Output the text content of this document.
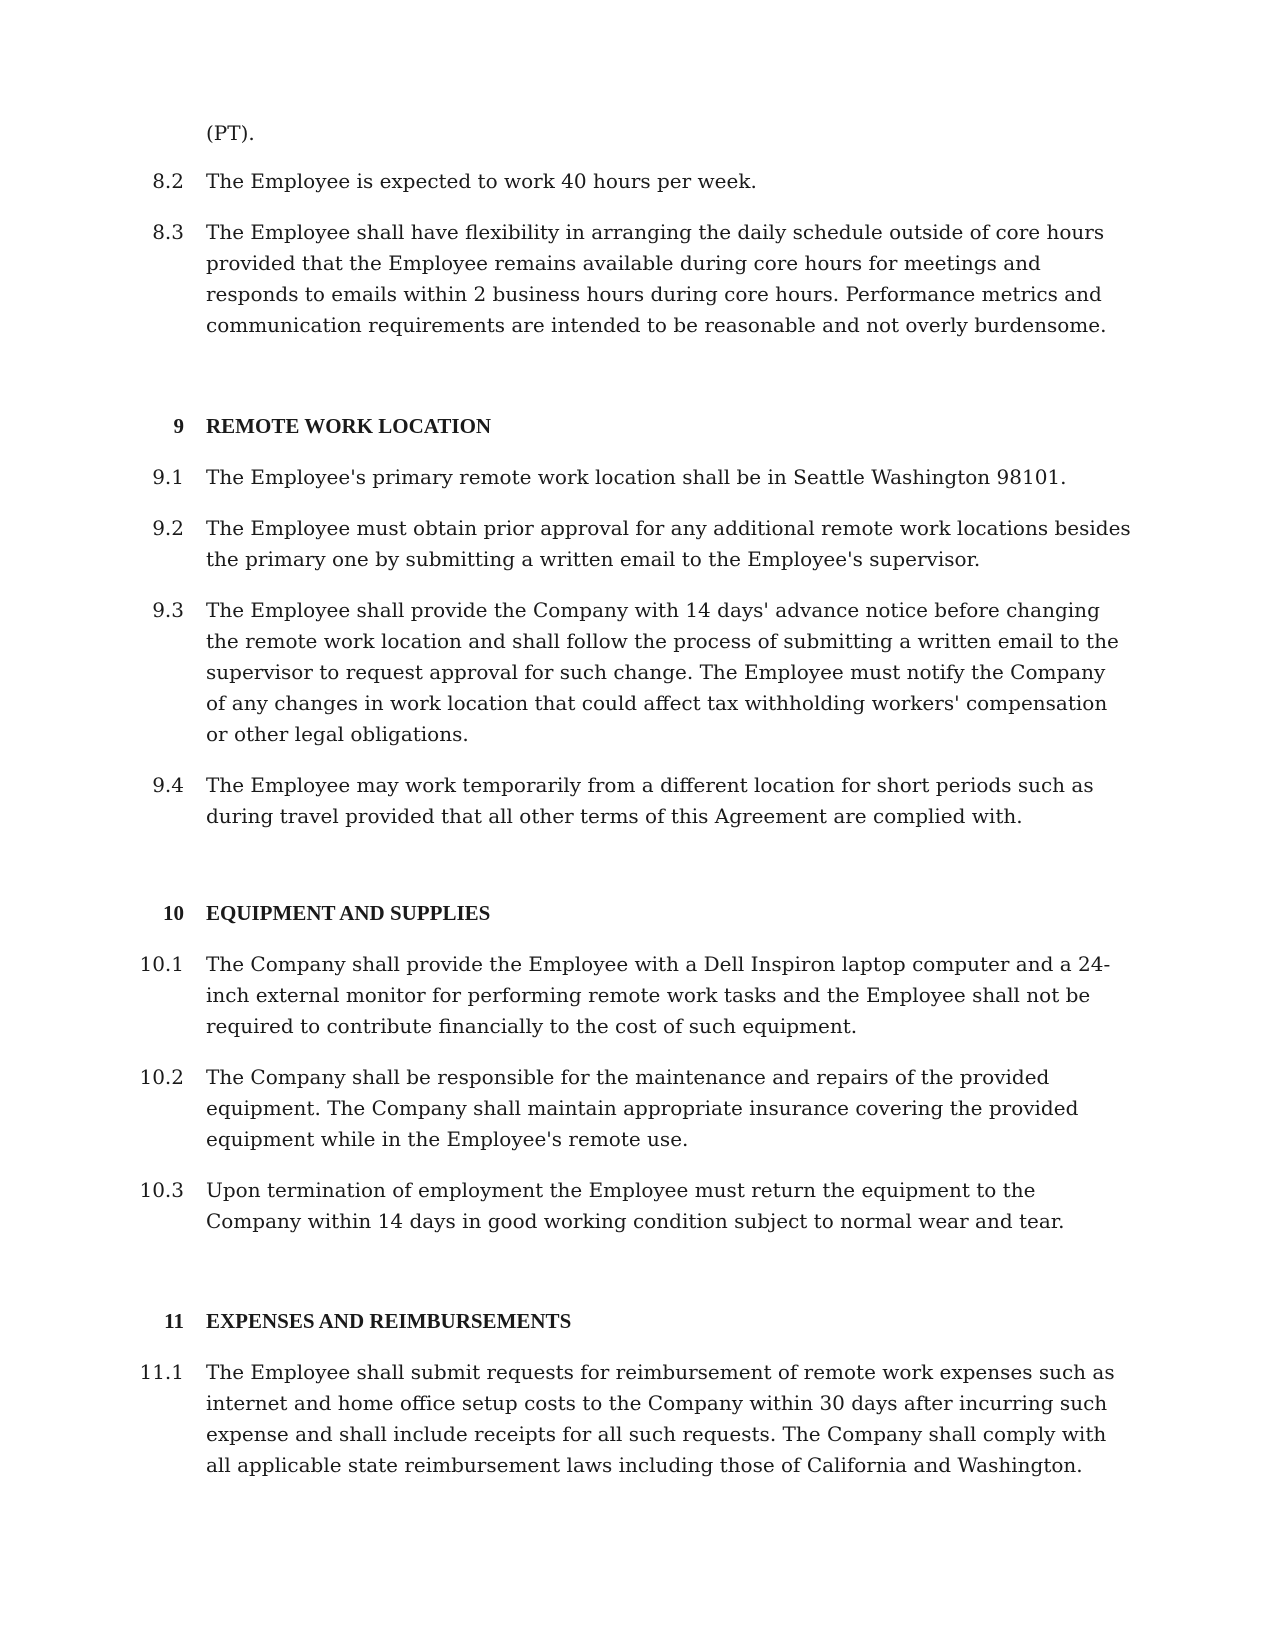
(PT).
8.2 The Employee is expected to work 40 hours per week.
8.3 The Employee shall have flexibility in arranging the daily schedule outside of core hours provided that the Employee remains available during core hours for meetings and responds to emails within 2 business hours during core hours. Performance metrics and communication requirements are intended to be reasonable and not overly burdensome.
9 REMOTE WORK LOCATION
9.1 The Employee's primary remote work location shall be in Seattle Washington 98101.
9.2 The Employee must obtain prior approval for any additional remote work locations besides the primary one by submitting a written email to the Employee's supervisor.
9.3 The Employee shall provide the Company with 14 days' advance notice before changing the remote work location and shall follow the process of submitting a written email to the supervisor to request approval for such change. The Employee must notify the Company of any changes in work location that could affect tax withholding workers' compensation or other legal obligations.
9.4 The Employee may work temporarily from a different location for short periods such as during travel provided that all other terms of this Agreement are complied with.
10 EQUIPMENT AND SUPPLIES
10.1 The Company shall provide the Employee with a Dell Inspiron laptop computer and a 24-inch external monitor for performing remote work tasks and the Employee shall not be required to contribute financially to the cost of such equipment.
10.2 The Company shall be responsible for the maintenance and repairs of the provided equipment. The Company shall maintain appropriate insurance covering the provided equipment while in the Employee's remote use.
10.3 Upon termination of employment the Employee must return the equipment to the Company within 14 days in good working condition subject to normal wear and tear.
11 EXPENSES AND REIMBURSEMENTS
11.1 The Employee shall submit requests for reimbursement of remote work expenses such as internet and home office setup costs to the Company within 30 days after incurring such expense and shall include receipts for all such requests. The Company shall comply with all applicable state reimbursement laws including those of California and Washington.
